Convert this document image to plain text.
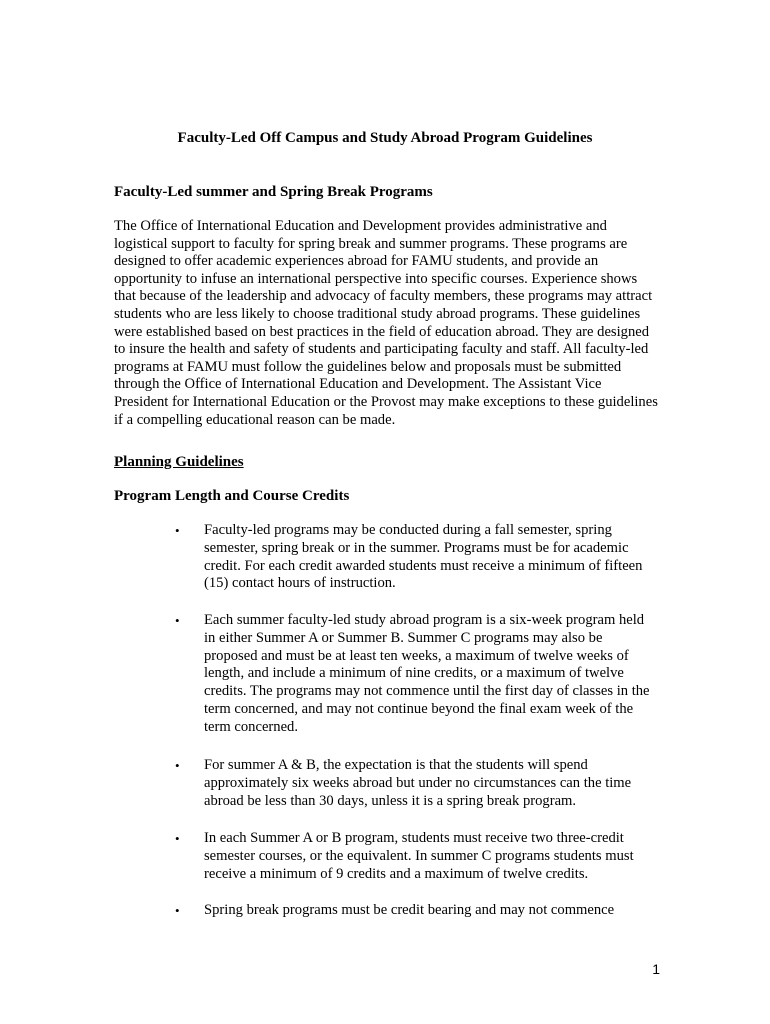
Faculty-Led Off Campus and Study Abroad Program Guidelines
Faculty-Led summer and Spring Break Programs

The Office of International Education and Development provides administrative and logistical support to faculty for spring break and summer programs. These programs are designed to offer academic experiences abroad for FAMU students, and provide an opportunity to infuse an international perspective into specific courses. Experience shows that because of the leadership and advocacy of faculty members, these programs may attract students who are less likely to choose traditional study abroad programs. These guidelines were established based on best practices in the field of education abroad. They are designed to insure the health and safety of students and participating faculty and staff. All faculty-led programs at FAMU must follow the guidelines below and proposals must be submitted through the Office of International Education and Development. The Assistant Vice President for International Education or the Provost may make exceptions to these guidelines if a compelling educational reason can be made.

Planning Guidelines
Program Length and Course Credits
•	Faculty-led programs may be conducted during a fall semester, spring semester, spring break or in the summer. Programs must be for academic credit. For each credit awarded students must receive a minimum of fifteen (15) contact hours of instruction.
•	Each summer faculty-led study abroad program is a six-week program held in either Summer A or Summer B. Summer C programs may also be proposed and must be at least ten weeks, a maximum of twelve weeks of length, and include a minimum of nine credits, or a maximum of twelve credits. The programs may not commence until the first day of classes in the term concerned, and may not continue beyond the final exam week of the term concerned.
•	For summer A & B, the expectation is that the students will spend approximately six weeks abroad but under no circumstances can the time abroad be less than 30 days, unless it is a spring break program.
•	In each Summer A or B program, students must receive two three-credit semester courses, or the equivalent. In summer C programs students must receive a minimum of 9 credits and a maximum of twelve credits.
•	Spring break programs must be credit bearing and may not commence
1
